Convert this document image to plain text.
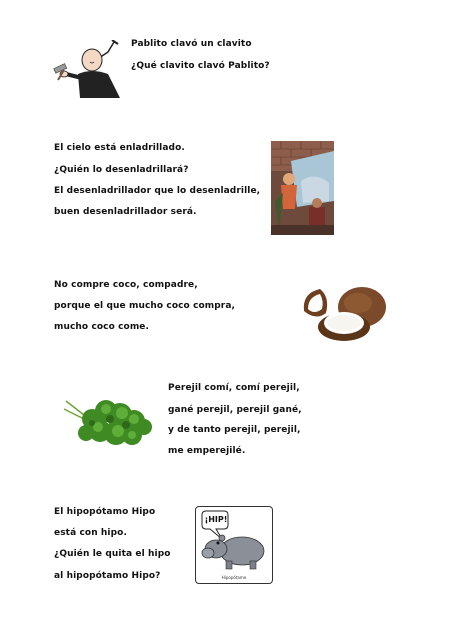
Pablito clavó un clavito
¿Qué clavito clavó Pablito?
El cielo está enladrillado.
¿Quién lo desenladrillará?
El desenladrillador que lo desenladrille,
buen desenladrillador será.
No compre coco, compadre,
porque el que mucho coco compra,
mucho coco come.
Perejil comí, comí perejil,
gané perejil, perejil gané,
y de tanto perejil, perejil,
me emperejilé.
El hipopótamo Hipo
está con hipo.
¿Quién le quita el hipo
al hipopótamo Hipo?
¡HIP!
Hipopótamo
